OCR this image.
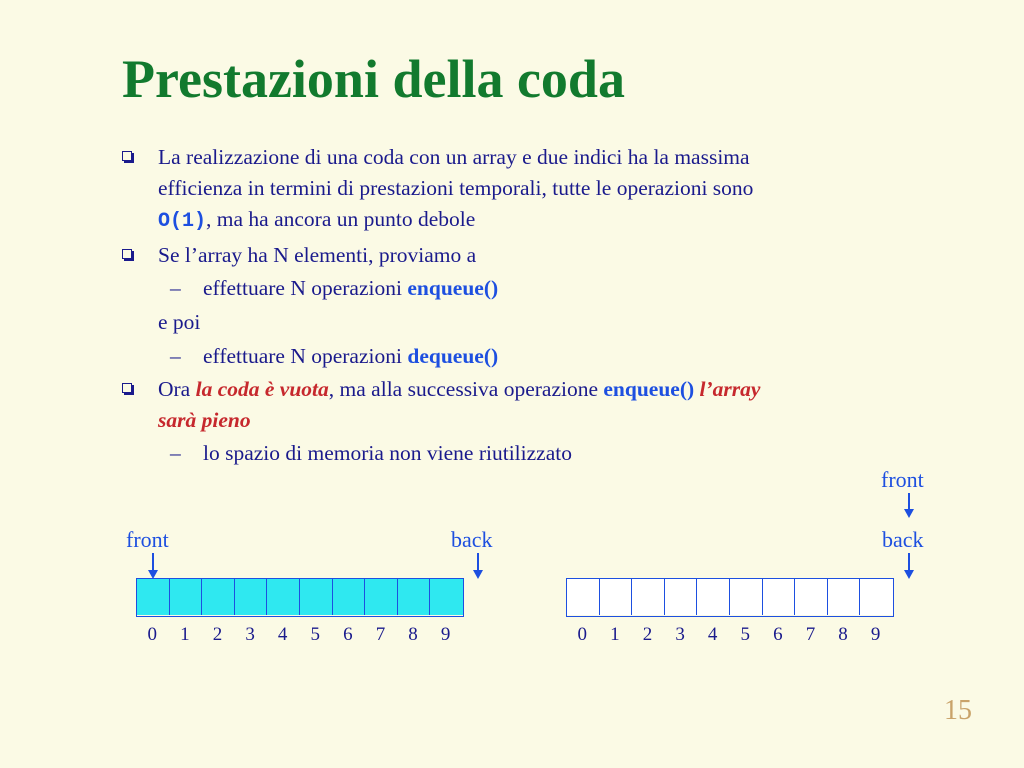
Prestazioni della coda
La realizzazione di una coda con un array e due indici ha la massima
efficienza in termini di prestazioni temporali, tutte le operazioni sono
O(1), ma ha ancora un punto debole
Se l’array ha N elementi, proviamo a
– effettuare N operazioni enqueue()
e poi
– effettuare N operazioni dequeue()
Ora la coda è vuota, ma alla successiva operazione enqueue() l’array
sarà pieno
– lo spazio di memoria non viene riutilizzato
front	back
0	1	2	3	4	5	6	7	8	9
front
back
0	1	2	3	4	5	6	7	8	9
15
